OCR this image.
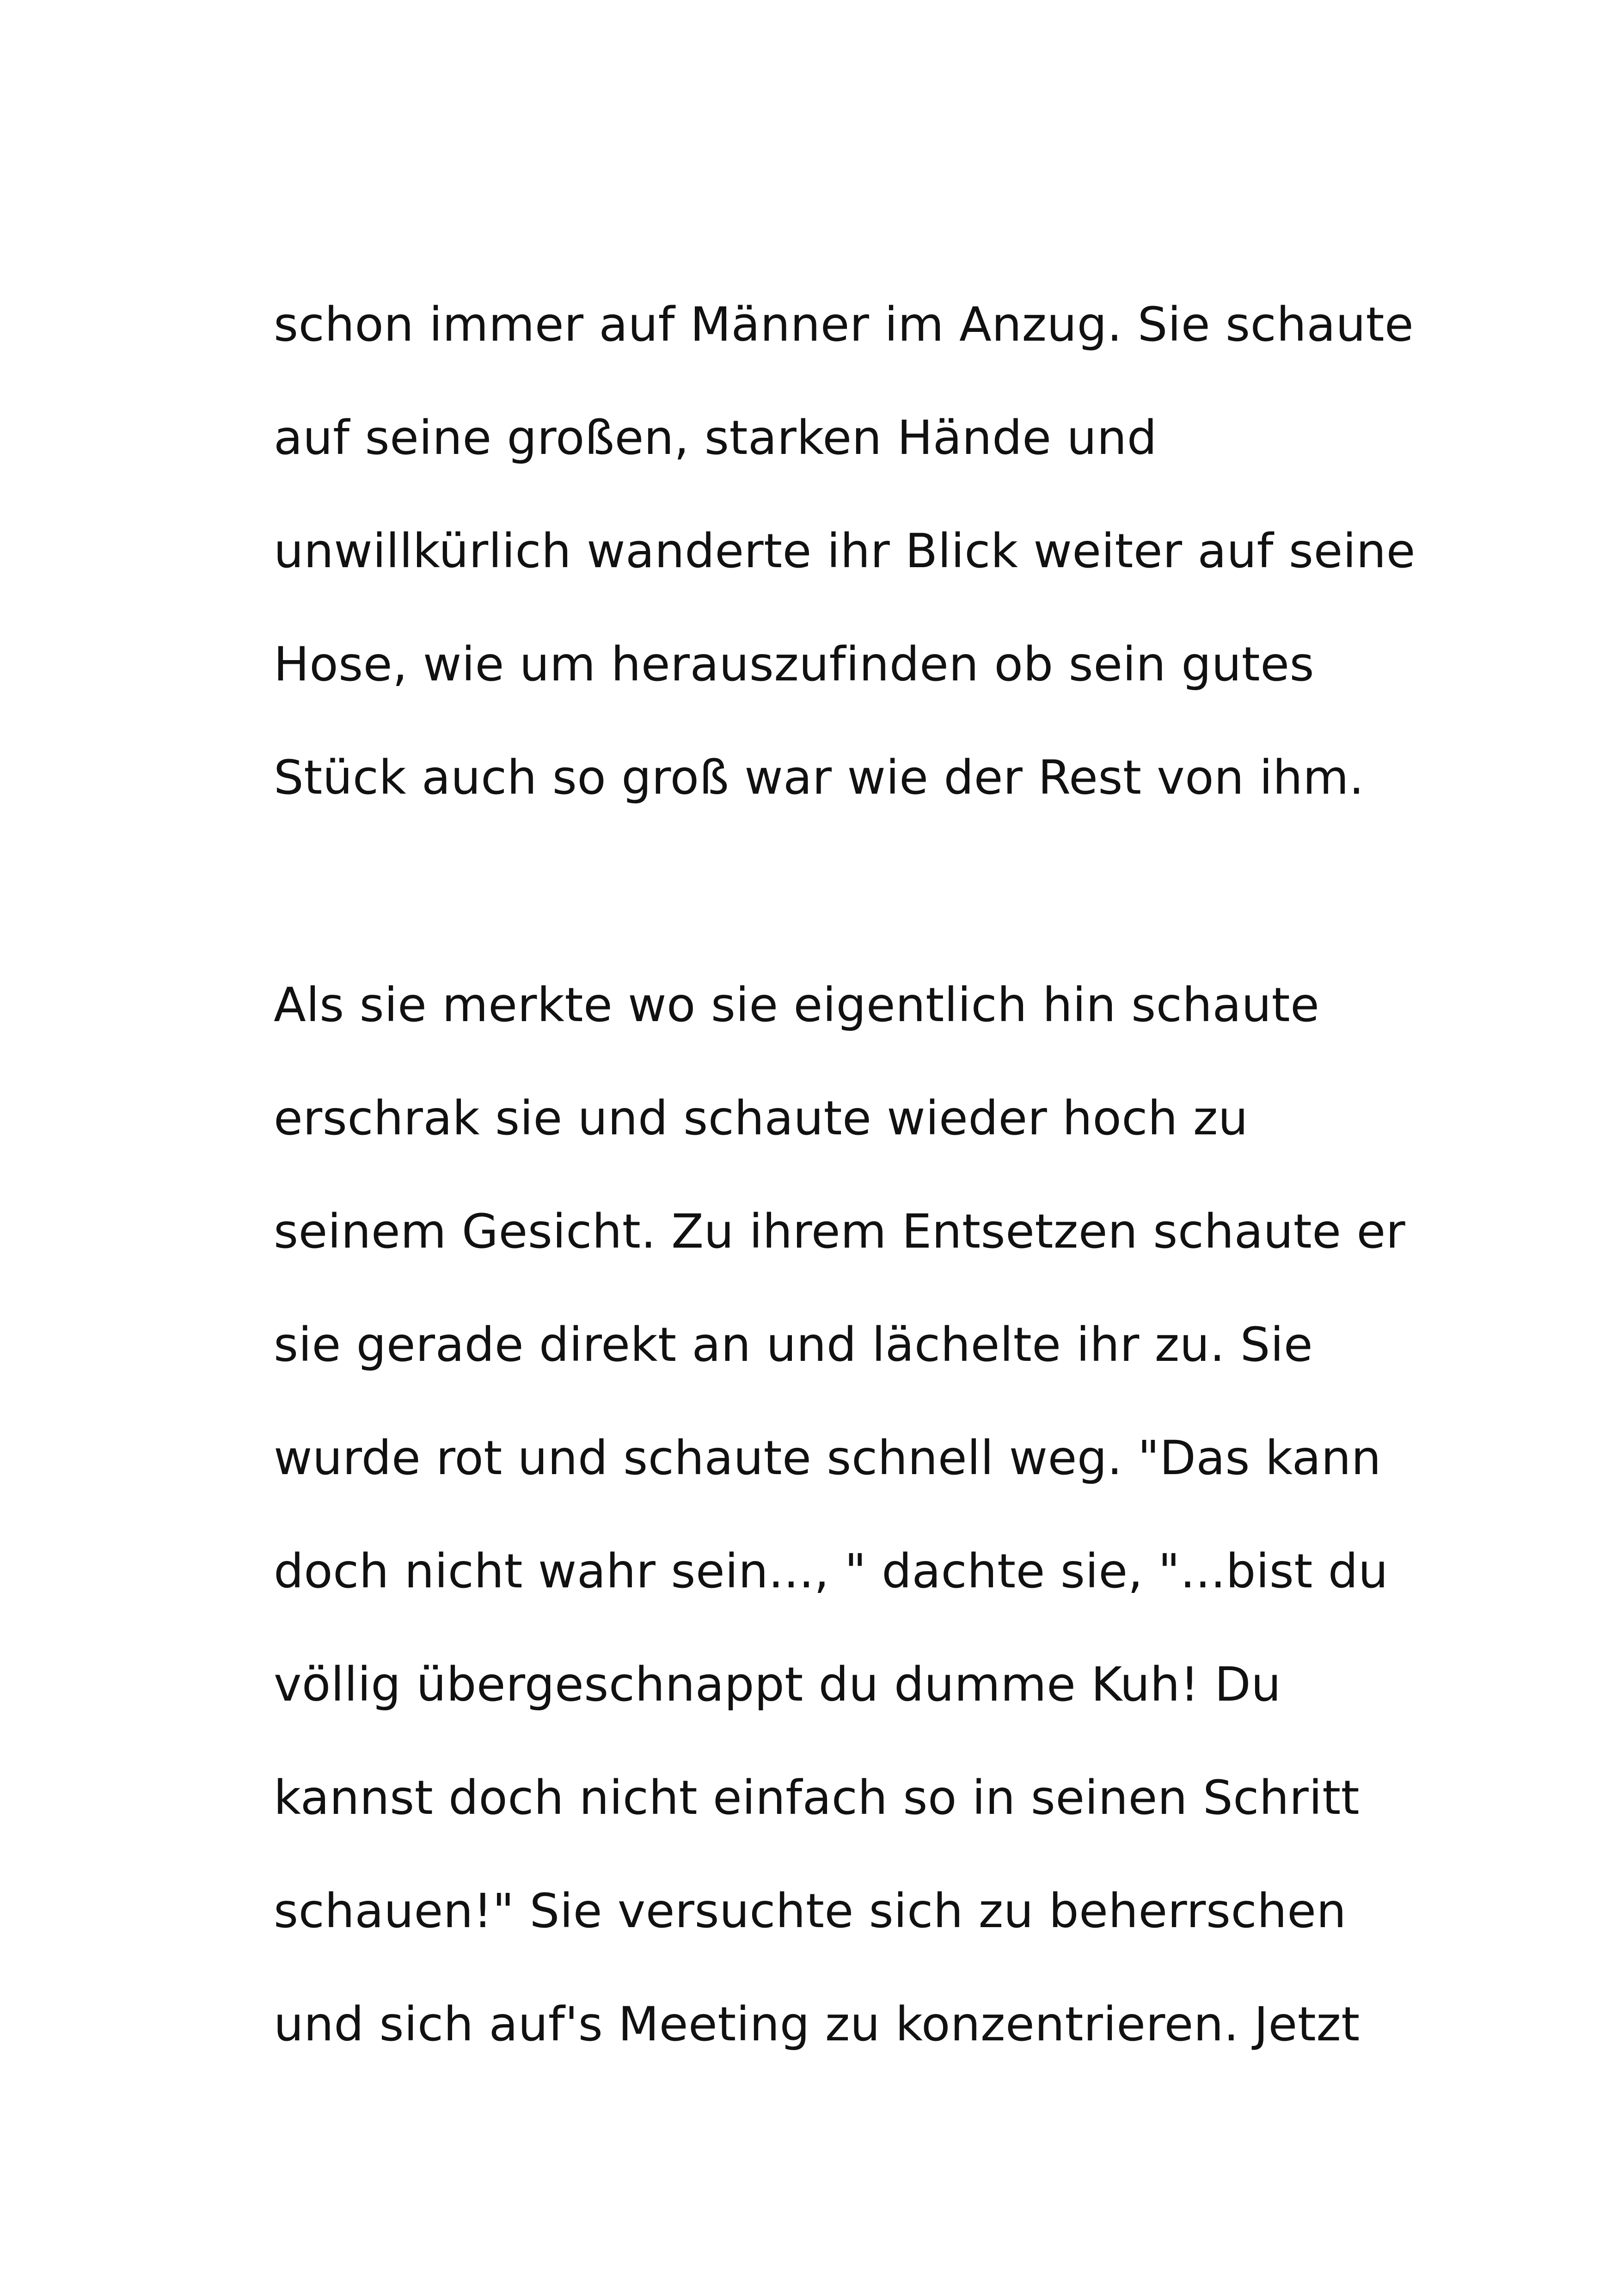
schon immer auf Männer im Anzug. Sie schaute
auf seine großen, starken Hände und
unwillkürlich wanderte ihr Blick weiter auf seine
Hose, wie um herauszufinden ob sein gutes
Stück auch so groß war wie der Rest von ihm.

Als sie merkte wo sie eigentlich hin schaute
erschrak sie und schaute wieder hoch zu
seinem Gesicht. Zu ihrem Entsetzen schaute er
sie gerade direkt an und lächelte ihr zu. Sie
wurde rot und schaute schnell weg. "Das kann
doch nicht wahr sein..., " dachte sie, "...bist du
völlig übergeschnappt du dumme Kuh! Du
kannst doch nicht einfach so in seinen Schritt
schauen!" Sie versuchte sich zu beherrschen
und sich auf's Meeting zu konzentrieren. Jetzt
